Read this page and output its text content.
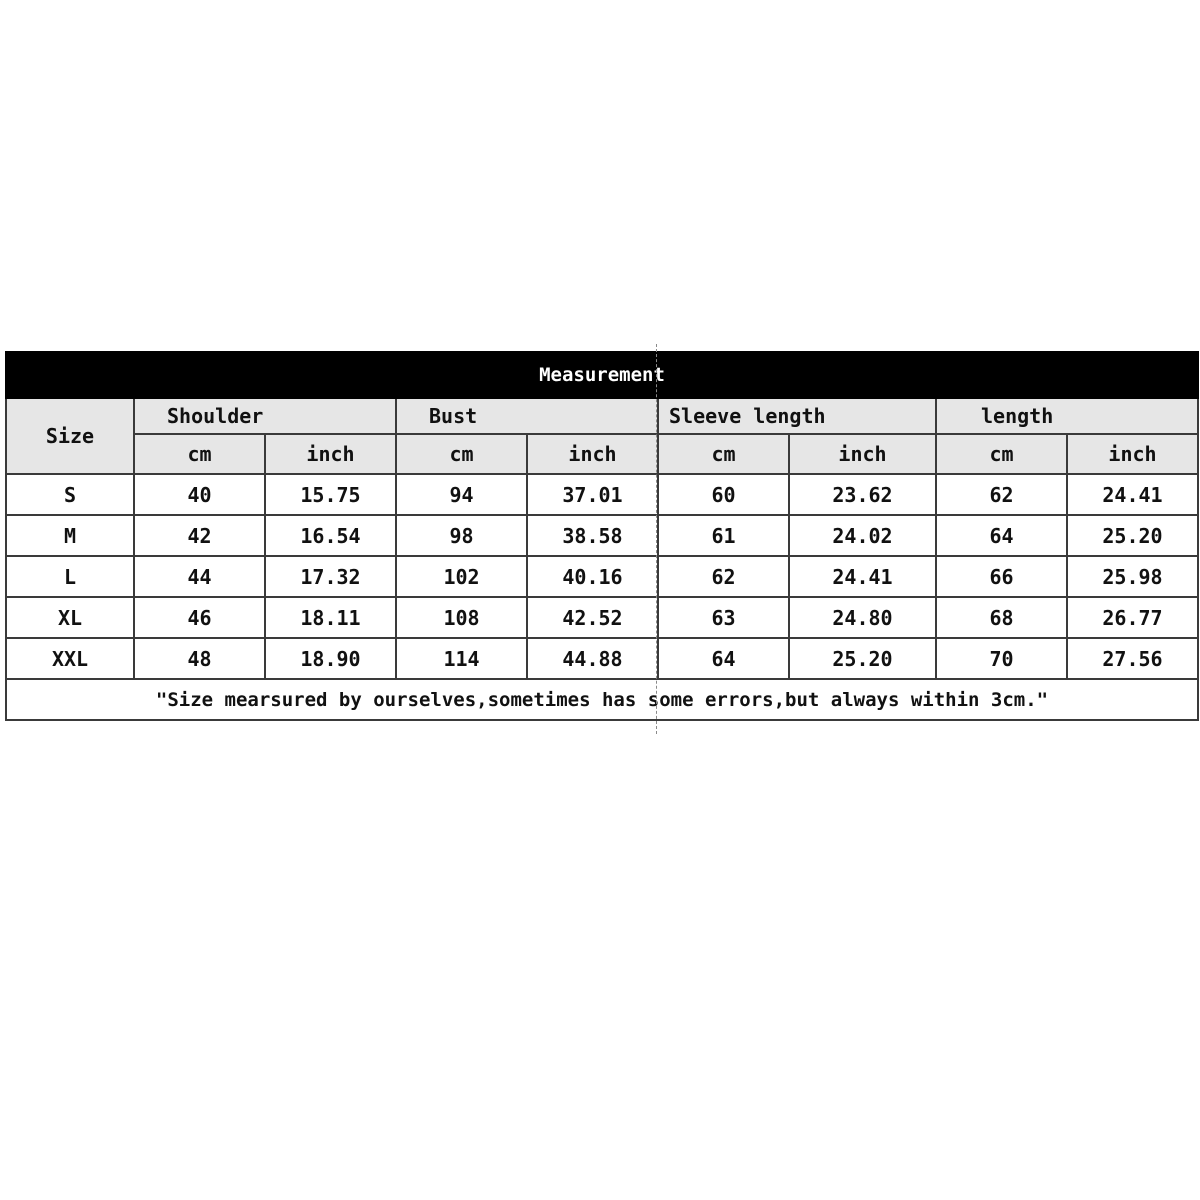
Measurement								
Size	Shoulder		Bust		Sleeve length		length	
	cm	inch	cm	inch	cm	inch	cm	inch
S	40	15.75	94	37.01	60	23.62	62	24.41
M	42	16.54	98	38.58	61	24.02	64	25.20
L	44	17.32	102	40.16	62	24.41	66	25.98
XL	46	18.11	108	42.52	63	24.80	68	26.77
XXL	48	18.90	114	44.88	64	25.20	70	27.56
"Size mearsured by ourselves,sometimes has some errors,but always within 3cm."								
